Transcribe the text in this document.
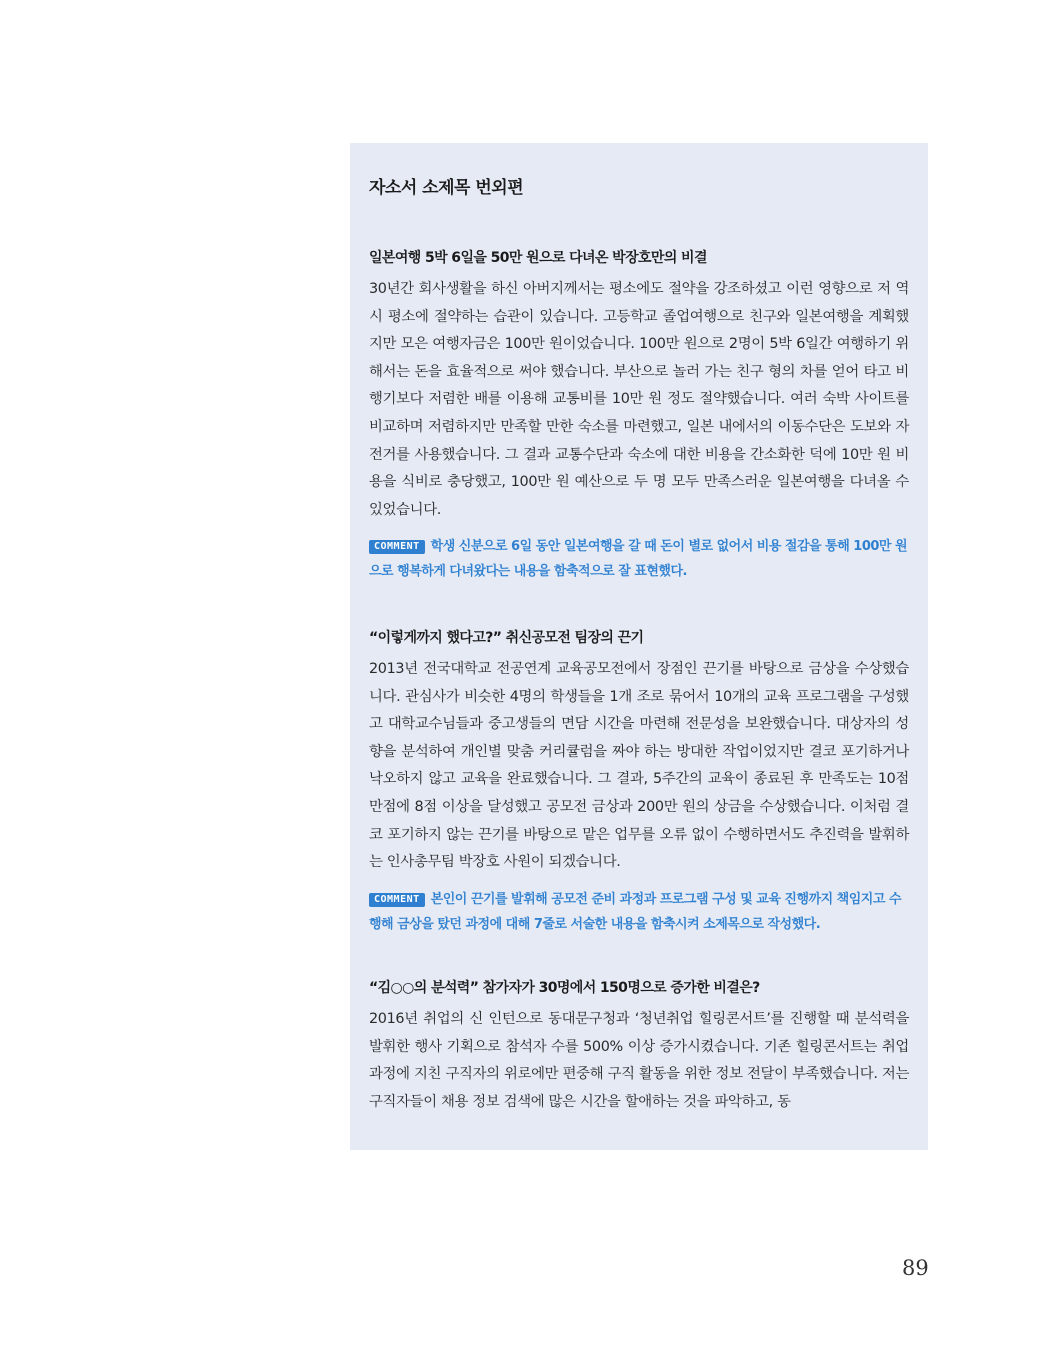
자소서 소제목 번외편
일본여행 5박 6일을 50만 원으로 다녀온 박장호만의 비결

30년간 회사생활을 하신 아버지께서는 평소에도 절약을 강조하셨고 이런 영향으로 저 역시 평소에 절약하는 습관이 있습니다. 고등학교 졸업여행으로 친구와 일본여행을 계획했지만 모은 여행자금은 100만 원이었습니다. 100만 원으로 2명이 5박 6일간 여행하기 위해서는 돈을 효율적으로 써야 했습니다. 부산으로 놀러 가는 친구 형의 차를 얻어 타고 비행기보다 저렴한 배를 이용해 교통비를 10만 원 정도 절약했습니다. 여러 숙박 사이트를 비교하며 저렴하지만 만족할 만한 숙소를 마련했고, 일본 내에서의 이동수단은 도보와 자전거를 사용했습니다. 그 결과 교통수단과 숙소에 대한 비용을 간소화한 덕에 10만 원 비용을 식비로 충당했고, 100만 원 예산으로 두 명 모두 만족스러운 일본여행을 다녀올 수 있었습니다.

COMMENT 학생 신분으로 6일 동안 일본여행을 갈 때 돈이 별로 없어서 비용 절감을 통해 100만 원으로 행복하게 다녀왔다는 내용을 함축적으로 잘 표현했다.
“이렇게까지 했다고?” 취신공모전 팀장의 끈기

2013년 전국대학교 전공연계 교육공모전에서 장점인 끈기를 바탕으로 금상을 수상했습니다. 관심사가 비슷한 4명의 학생들을 1개 조로 묶어서 10개의 교육 프로그램을 구성했고 대학교수님들과 중고생들의 면담 시간을 마련해 전문성을 보완했습니다. 대상자의 성향을 분석하여 개인별 맞춤 커리큘럼을 짜야 하는 방대한 작업이었지만 결코 포기하거나 낙오하지 않고 교육을 완료했습니다. 그 결과, 5주간의 교육이 종료된 후 만족도는 10점 만점에 8점 이상을 달성했고 공모전 금상과 200만 원의 상금을 수상했습니다. 이처럼 결코 포기하지 않는 끈기를 바탕으로 맡은 업무를 오류 없이 수행하면서도 추진력을 발휘하는 인사총무팀 박장호 사원이 되겠습니다.

COMMENT 본인이 끈기를 발휘해 공모전 준비 과정과 프로그램 구성 및 교육 진행까지 책임지고 수행해 금상을 탔던 과정에 대해 7줄로 서술한 내용을 함축시켜 소제목으로 작성했다.
“김○○의 분석력” 참가자가 30명에서 150명으로 증가한 비결은?

2016년 취업의 신 인턴으로 동대문구청과 ‘청년취업 힐링콘서트’를 진행할 때 분석력을 발휘한 행사 기획으로 참석자 수를 500% 이상 증가시켰습니다. 기존 힐링콘서트는 취업 과정에 지친 구직자의 위로에만 편중해 구직 활동을 위한 정보 전달이 부족했습니다. 저는 구직자들이 채용 정보 검색에 많은 시간을 할애하는 것을 파악하고, 동

89
